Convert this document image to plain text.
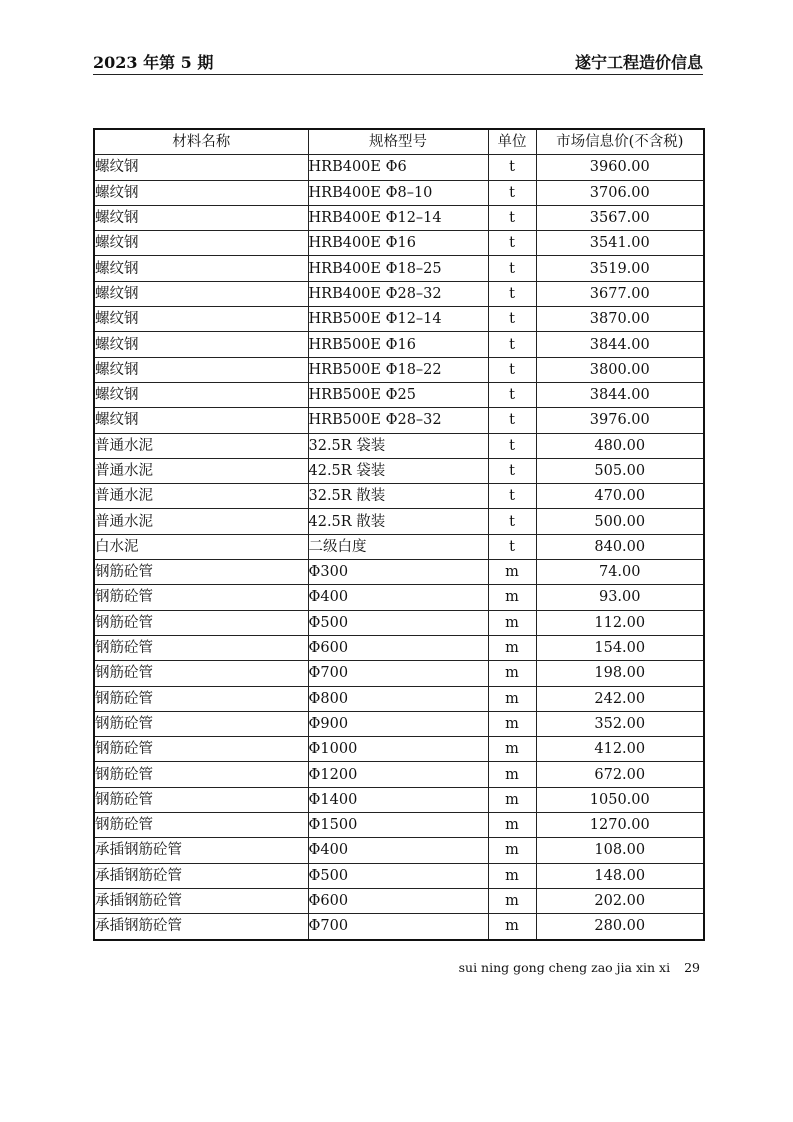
2023 年第 5 期	遂宁工程造价信息
材料名称	规格型号	单位	市场信息价(不含税)
螺纹钢	HRB400E Φ6	t	3960.00
螺纹钢	HRB400E Φ8–10	t	3706.00
螺纹钢	HRB400E Φ12–14	t	3567.00
螺纹钢	HRB400E Φ16	t	3541.00
螺纹钢	HRB400E Φ18–25	t	3519.00
螺纹钢	HRB400E Φ28–32	t	3677.00
螺纹钢	HRB500E Φ12–14	t	3870.00
螺纹钢	HRB500E Φ16	t	3844.00
螺纹钢	HRB500E Φ18–22	t	3800.00
螺纹钢	HRB500E Φ25	t	3844.00
螺纹钢	HRB500E Φ28–32	t	3976.00
普通水泥	32.5R 袋装	t	480.00
普通水泥	42.5R 袋装	t	505.00
普通水泥	32.5R 散装	t	470.00
普通水泥	42.5R 散装	t	500.00
白水泥	二级白度	t	840.00
钢筋砼管	Φ300	m	74.00
钢筋砼管	Φ400	m	93.00
钢筋砼管	Φ500	m	112.00
钢筋砼管	Φ600	m	154.00
钢筋砼管	Φ700	m	198.00
钢筋砼管	Φ800	m	242.00
钢筋砼管	Φ900	m	352.00
钢筋砼管	Φ1000	m	412.00
钢筋砼管	Φ1200	m	672.00
钢筋砼管	Φ1400	m	1050.00
钢筋砼管	Φ1500	m	1270.00
承插钢筋砼管	Φ400	m	108.00
承插钢筋砼管	Φ500	m	148.00
承插钢筋砼管	Φ600	m	202.00
承插钢筋砼管	Φ700	m	280.00
sui ning gong cheng zao jia xin xi 29
